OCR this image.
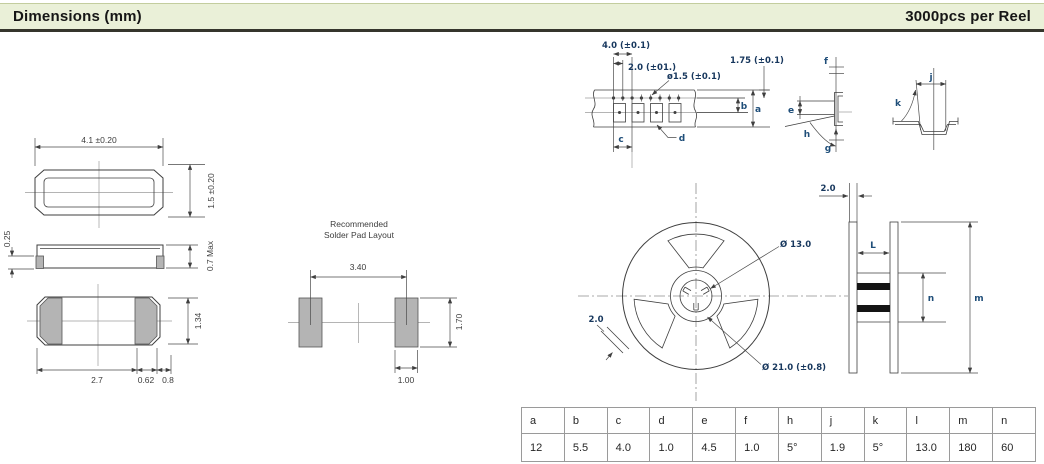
Dimensions (mm)	3000pcs per Reel
4.1 ±0.20
1.5 ±0.20
0.25
0.7 Max
1.34
2.7	0.62 0.8
Recommended
Solder Pad Layout
3.40
1.70
1.00
4.0 (±0.1)
2.0 (±01.)
ø1.5 (±0.1)
1.75 (±0.1)
b a
c	d
f
e
h
g
j
k
Ø 13.0
Ø 21.0 (±0.8)
2.0
2.0
L
n	m
a	b	c	d	e	f	h	j	k	l	m	n
12	5.5	4.0	1.0	4.5	1.0	5°	1.9	5°	13.0	180	60
